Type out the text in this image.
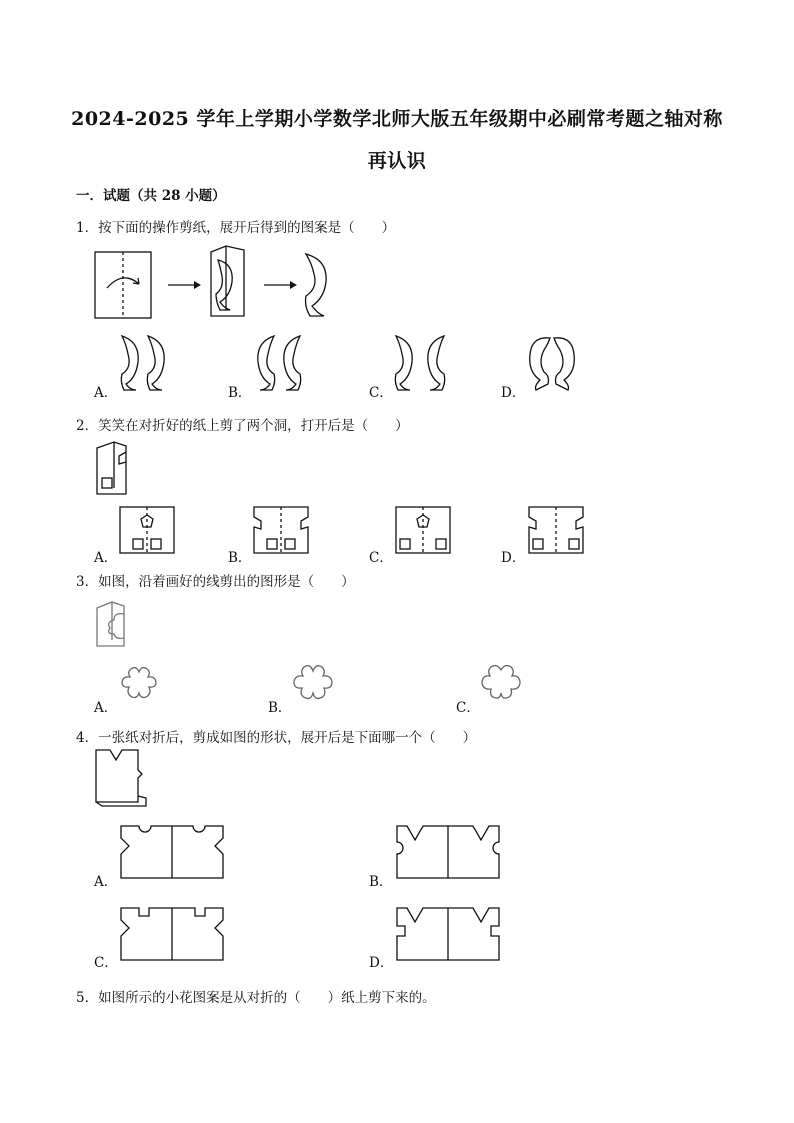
2024-2025 学年上学期小学数学北师大版五年级期中必刷常考题之轴对称
再认识
一．试题（共 28 小题）
1．按下面的操作剪纸，展开后得到的图案是（　　）
A．	B．	C．	D．
2．笑笑在对折好的纸上剪了两个洞，打开后是（　　）
A．	B．	C．	D．
3．如图，沿着画好的线剪出的图形是（　　）
A．	B．	C．
4．一张纸对折后，剪成如图的形状，展开后是下面哪一个（　　）
A．	B．
C．	D．
5．如图所示的小花图案是从对折的（　　）纸上剪下来的。
